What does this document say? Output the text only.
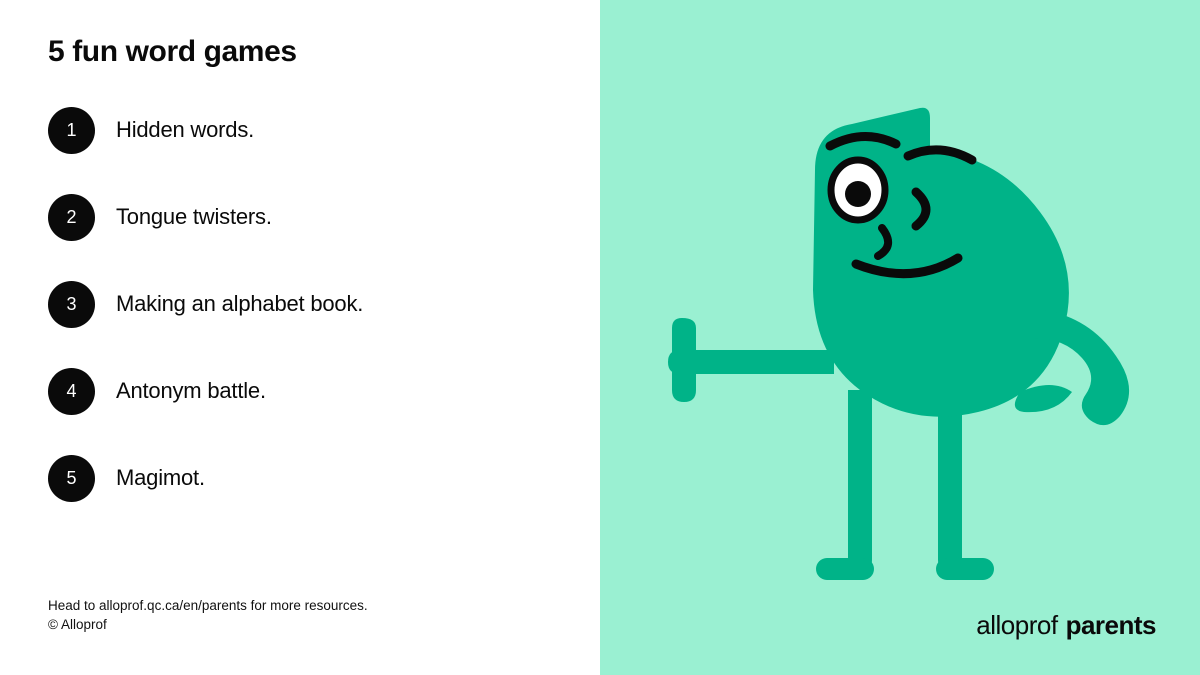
5 fun word games
1	Hidden words.
2	Tongue twisters.
3	Making an alphabet book.
4	Antonym battle.
5	Magimot.
Head to alloprof.qc.ca/en/parents for more resources.
© Alloprof	alloprof parents
